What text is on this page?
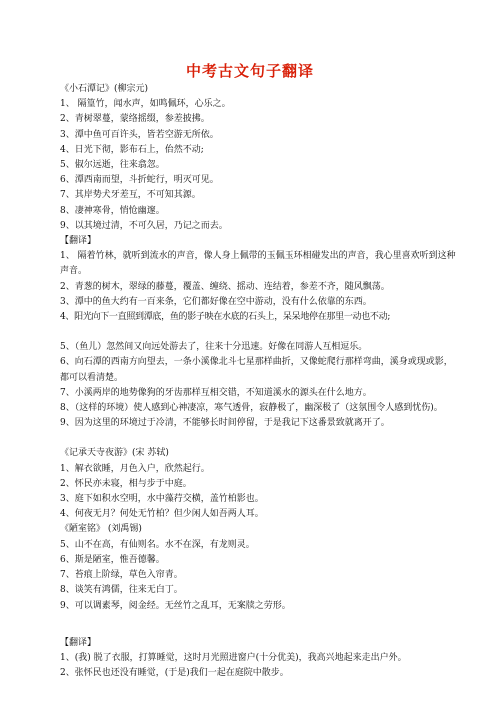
中考古文句子翻译
《小石潭记》(柳宗元)
1、 隔篁竹，闻水声，如鸣佩环，心乐之。
2、青树翠蔓，蒙络摇缀，参差披拂。
3、潭中鱼可百许头，皆若空游无所依。
4、日光下彻，影布石上，佁然不动;
5、俶尔远逝，往来翕忽。
6、潭西南而望，斗折蛇行，明灭可见。
7、其岸势犬牙差互，不可知其源。
8、凄神寒骨，悄怆幽邃。
9、以其境过清，不可久居，乃记之而去。
【翻译】
1、 隔着竹林，就听到流水的声音，像人身上佩带的玉佩玉环相碰发出的声音，我心里喜欢听到这种声音。
2、青葱的树木，翠绿的藤蔓，覆盖、缠绕、摇动、连结着，参差不齐，随风飘荡。
3、潭中的鱼大约有一百来条，它们都好像在空中游动，没有什么依靠的东西。
4、阳光向下一直照到潭底，鱼的影子映在水底的石头上，呆呆地停在那里一动也不动;
5、（鱼儿）忽然间又向远处游去了，往来十分迅速。好像在同游人互相逗乐。
6、向石潭的西南方向望去，一条小溪像北斗七星那样曲折，又像蛇爬行那样弯曲，溪身或现或影，都可以看清楚。
7、小溪两岸的地势像狗的牙齿那样互相交错，不知道溪水的源头在什么地方。
8、（这样的环境）使人感到心神凄凉，寒气透骨，寂静极了，幽深极了（这氛围令人感到忧伤)。
9、因为这里的环境过于冷清，不能够长时间停留，于是我记下这番景致就离开了。
《记承天寺夜游》(宋 苏轼)
1、解衣欲睡，月色入户，欣然起行。
2、怀民亦未寝，相与步于中庭。
3、庭下如积水空明，水中藻荇交横，盖竹柏影也。
4、何夜无月？何处无竹柏？但少闲人如吾两人耳。
《陋室铭》 (刘禹锡)
5、山不在高，有仙则名。水不在深，有龙则灵。
6、斯是陋室，惟吾德馨。
7、苔痕上阶绿，草色入帘青。
8、谈笑有鸿儒，往来无白丁。
9、可以调素琴，阅金经。无丝竹之乱耳，无案牍之劳形。
【翻译】
1、(我) 脱了衣服，打算睡觉，这时月光照进窗户(十分优美)，我高兴地起来走出户外。
2、张怀民也还没有睡觉，(于是)我们一起在庭院中散步。
